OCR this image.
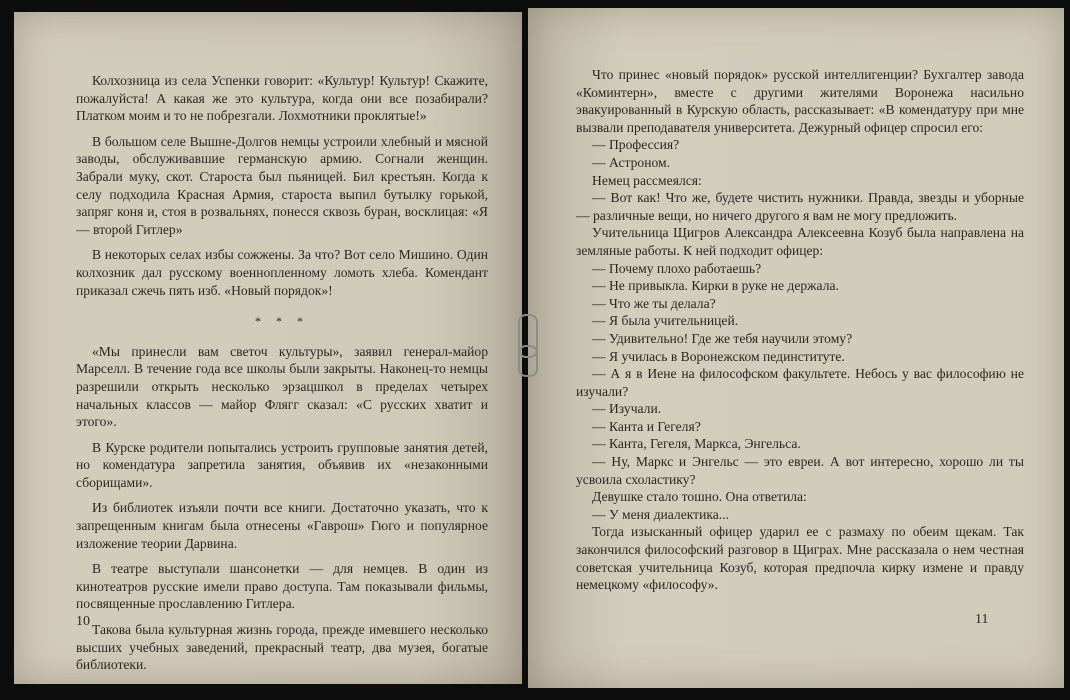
Колхозница из села Успенки говорит: «Культур! Культур! Скажите, пожалуйста! А какая же это культура, когда они все позабирали? Платком моим и то не побрезгали. Лохмотники проклятые!»

В большом селе Вышне-Долгов немцы устроили хлебный и мясной заводы, обслуживавшие германскую армию. Согнали женщин. Забрали муку, скот. Староста был пьяницей. Бил крестьян. Когда к селу подходила Красная Армия, староста выпил бутылку горькой, запряг коня и, стоя в розвальнях, понесся сквозь буран, восклицая: «Я — второй Гитлер»

В некоторых селах избы сожжены. За что? Вот село Мишино. Один колхозник дал русскому военнопленному ломоть хлеба. Комендант приказал сжечь пять изб. «Новый порядок»!

* * *

«Мы принесли вам светоч культуры», заявил генерал-майор Марселл. В течение года все школы были закрыты. Наконец-то немцы разрешили открыть несколько эрзацшкол в пределах четырех начальных классов — майор Флягг сказал: «С русских хватит и этого».

В Курске родители попытались устроить групповые занятия детей, но комендатура запретила занятия, объявив их «незаконными сборищами».

Из библиотек изъяли почти все книги. Достаточно указать, что к запрещенным книгам была отнесены «Гаврош» Гюго и популярное изложение теории Дарвина.

В театре выступали шансонетки — для немцев. В один из кинотеатров русские имели право доступа. Там показывали фильмы, посвященные прославлению Гитлера.

Такова была культурная жизнь города, прежде имевшего несколько высших учебных заведений, прекрасный театр, два музея, богатые библиотеки.

10

Что принес «новый порядок» русской интеллигенции? Бухгалтер завода «Коминтерн», вместе с другими жителями Воронежа насильно эвакуированный в Курскую область, рассказывает: «В комендатуру при мне вызвали преподавателя университета. Дежурный офицер спросил его:

— Профессия?

— Астроном.

Немец рассмеялся:

— Вот как! Что же, будете чистить нужники. Правда, звезды и уборные — различные вещи, но ничего другого я вам не могу предложить.

Учительница Щигров Александра Алексеевна Козуб была направлена на земляные работы. К ней подходит офицер:

— Почему плохо работаешь?

— Не привыкла. Кирки в руке не держала.

— Что же ты делала?

— Я была учительницей.

— Удивительно! Где же тебя научили этому?

— Я училась в Воронежском пединституте.

— А я в Иене на философском факультете. Небось у вас философию не изучали?

— Изучали.

— Канта и Гегеля?

— Канта, Гегеля, Маркса, Энгельса.

— Ну, Маркс и Энгельс — это евреи. А вот интересно, хорошо ли ты усвоила схоластику?

Девушке стало тошно. Она ответила:

— У меня диалектика...

Тогда изысканный офицер ударил ее с размаху по обеим щекам. Так закончился философский разговор в Щиграх. Мне рассказала о нем честная советская учительница Козуб, которая предпочла кирку измене и правду немецкому «философу».

11
